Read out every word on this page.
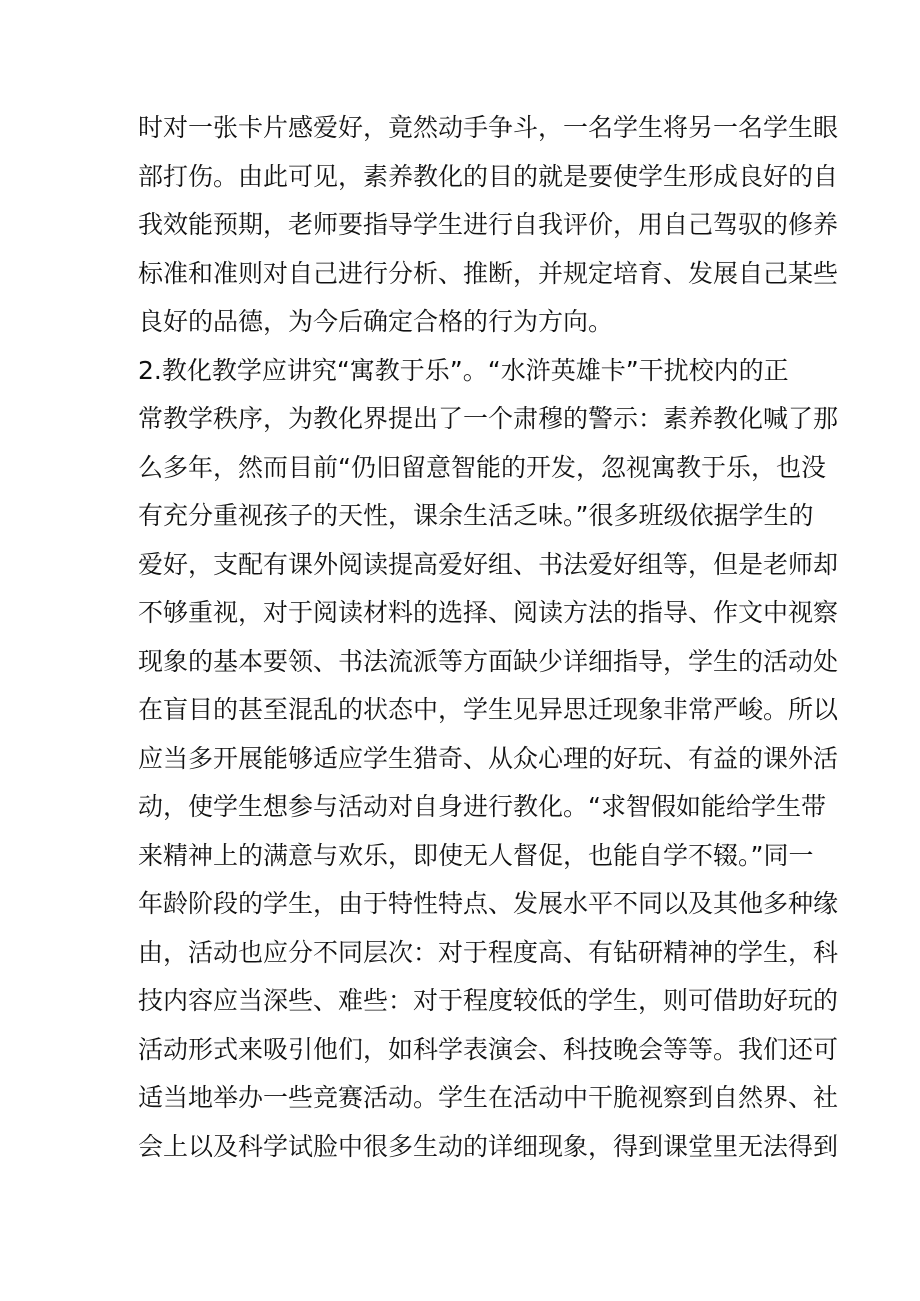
时对一张卡片感爱好，竟然动手争斗，一名学生将另一名学生眼
部打伤。由此可见，素养教化的目的就是要使学生形成良好的自
我效能预期，老师要指导学生进行自我评价，用自己驾驭的修养
标准和准则对自己进行分析、推断，并规定培育、发展自己某些
良好的品德，为今后确定合格的行为方向。
2.教化教学应讲究“寓教于乐”。“水浒英雄卡”干扰校内的正
常教学秩序，为教化界提出了一个肃穆的警示：素养教化喊了那
么多年，然而目前“仍旧留意智能的开发，忽视寓教于乐，也没
有充分重视孩子的天性，课余生活乏味。”很多班级依据学生的
爱好，支配有课外阅读提高爱好组、书法爱好组等，但是老师却
不够重视，对于阅读材料的选择、阅读方法的指导、作文中视察
现象的基本要领、书法流派等方面缺少详细指导，学生的活动处
在盲目的甚至混乱的状态中，学生见异思迁现象非常严峻。所以
应当多开展能够适应学生猎奇、从众心理的好玩、有益的课外活
动，使学生想参与活动对自身进行教化。“求智假如能给学生带
来精神上的满意与欢乐，即使无人督促，也能自学不辍。”同一
年龄阶段的学生，由于特性特点、发展水平不同以及其他多种缘
由，活动也应分不同层次：对于程度高、有钻研精神的学生，科
技内容应当深些、难些：对于程度较低的学生，则可借助好玩的
活动形式来吸引他们，如科学表演会、科技晚会等等。我们还可
适当地举办一些竞赛活动。学生在活动中干脆视察到自然界、社
会上以及科学试脸中很多生动的详细现象，得到课堂里无法得到
